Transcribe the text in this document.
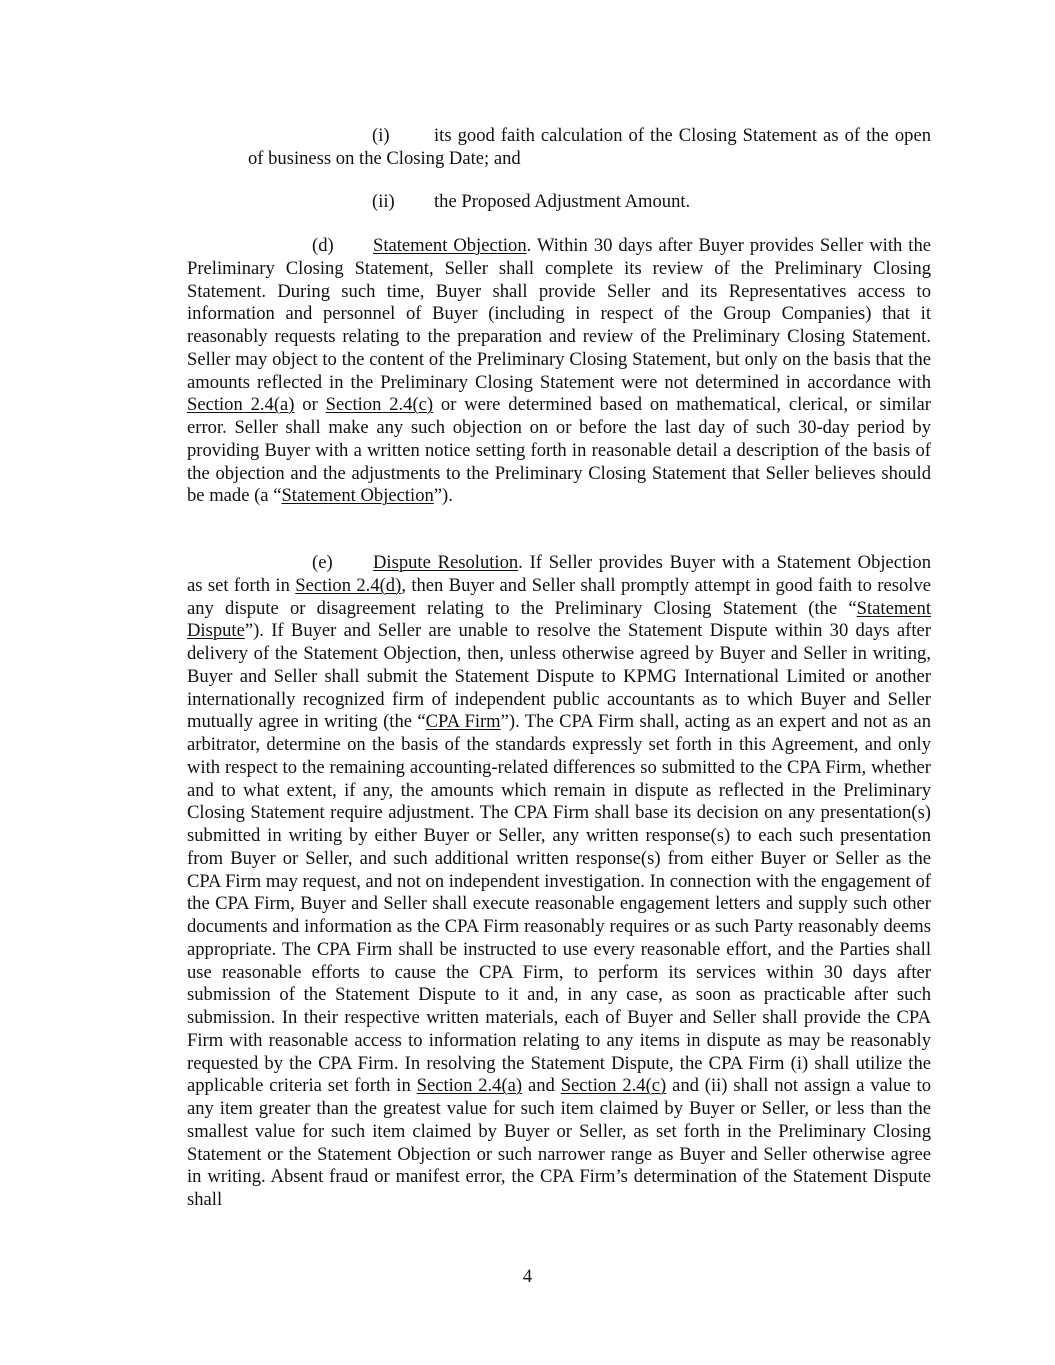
(i) its good faith calculation of the Closing Statement as of the open of business on the Closing Date; and

(ii) the Proposed Adjustment Amount.

(d) Statement Objection. Within 30 days after Buyer provides Seller with the Preliminary Closing Statement, Seller shall complete its review of the Preliminary Closing Statement. During such time, Buyer shall provide Seller and its Representatives access to information and personnel of Buyer (including in respect of the Group Companies) that it reasonably requests relating to the preparation and review of the Preliminary Closing Statement. Seller may object to the content of the Preliminary Closing Statement, but only on the basis that the amounts reflected in the Preliminary Closing Statement were not determined in accordance with Section 2.4(a) or Section 2.4(c) or were determined based on mathematical, clerical, or similar error. Seller shall make any such objection on or before the last day of such 30-day period by providing Buyer with a written notice setting forth in reasonable detail a description of the basis of the objection and the adjustments to the Preliminary Closing Statement that Seller believes should be made (a “Statement Objection”).

(e) Dispute Resolution. If Seller provides Buyer with a Statement Objection as set forth in Section 2.4(d), then Buyer and Seller shall promptly attempt in good faith to resolve any dispute or disagreement relating to the Preliminary Closing Statement (the “Statement Dispute”). If Buyer and Seller are unable to resolve the Statement Dispute within 30 days after delivery of the Statement Objection, then, unless otherwise agreed by Buyer and Seller in writing, Buyer and Seller shall submit the Statement Dispute to KPMG International Limited or another internationally recognized firm of independent public accountants as to which Buyer and Seller mutually agree in writing (the “CPA Firm”). The CPA Firm shall, acting as an expert and not as an arbitrator, determine on the basis of the standards expressly set forth in this Agreement, and only with respect to the remaining accounting-related differences so submitted to the CPA Firm, whether and to what extent, if any, the amounts which remain in dispute as reflected in the Preliminary Closing Statement require adjustment. The CPA Firm shall base its decision on any presentation(s) submitted in writing by either Buyer or Seller, any written response(s) to each such presentation from Buyer or Seller, and such additional written response(s) from either Buyer or Seller as the CPA Firm may request, and not on independent investigation. In connection with the engagement of the CPA Firm, Buyer and Seller shall execute reasonable engagement letters and supply such other documents and information as the CPA Firm reasonably requires or as such Party reasonably deems appropriate. The CPA Firm shall be instructed to use every reasonable effort, and the Parties shall use reasonable efforts to cause the CPA Firm, to perform its services within 30 days after submission of the Statement Dispute to it and, in any case, as soon as practicable after such submission. In their respective written materials, each of Buyer and Seller shall provide the CPA Firm with reasonable access to information relating to any items in dispute as may be reasonably requested by the CPA Firm. In resolving the Statement Dispute, the CPA Firm (i) shall utilize the applicable criteria set forth in Section 2.4(a) and Section 2.4(c) and (ii) shall not assign a value to any item greater than the greatest value for such item claimed by Buyer or Seller, or less than the smallest value for such item claimed by Buyer or Seller, as set forth in the Preliminary Closing Statement or the Statement Objection or such narrower range as Buyer and Seller otherwise agree in writing. Absent fraud or manifest error, the CPA Firm’s determination of the Statement Dispute shall

4
